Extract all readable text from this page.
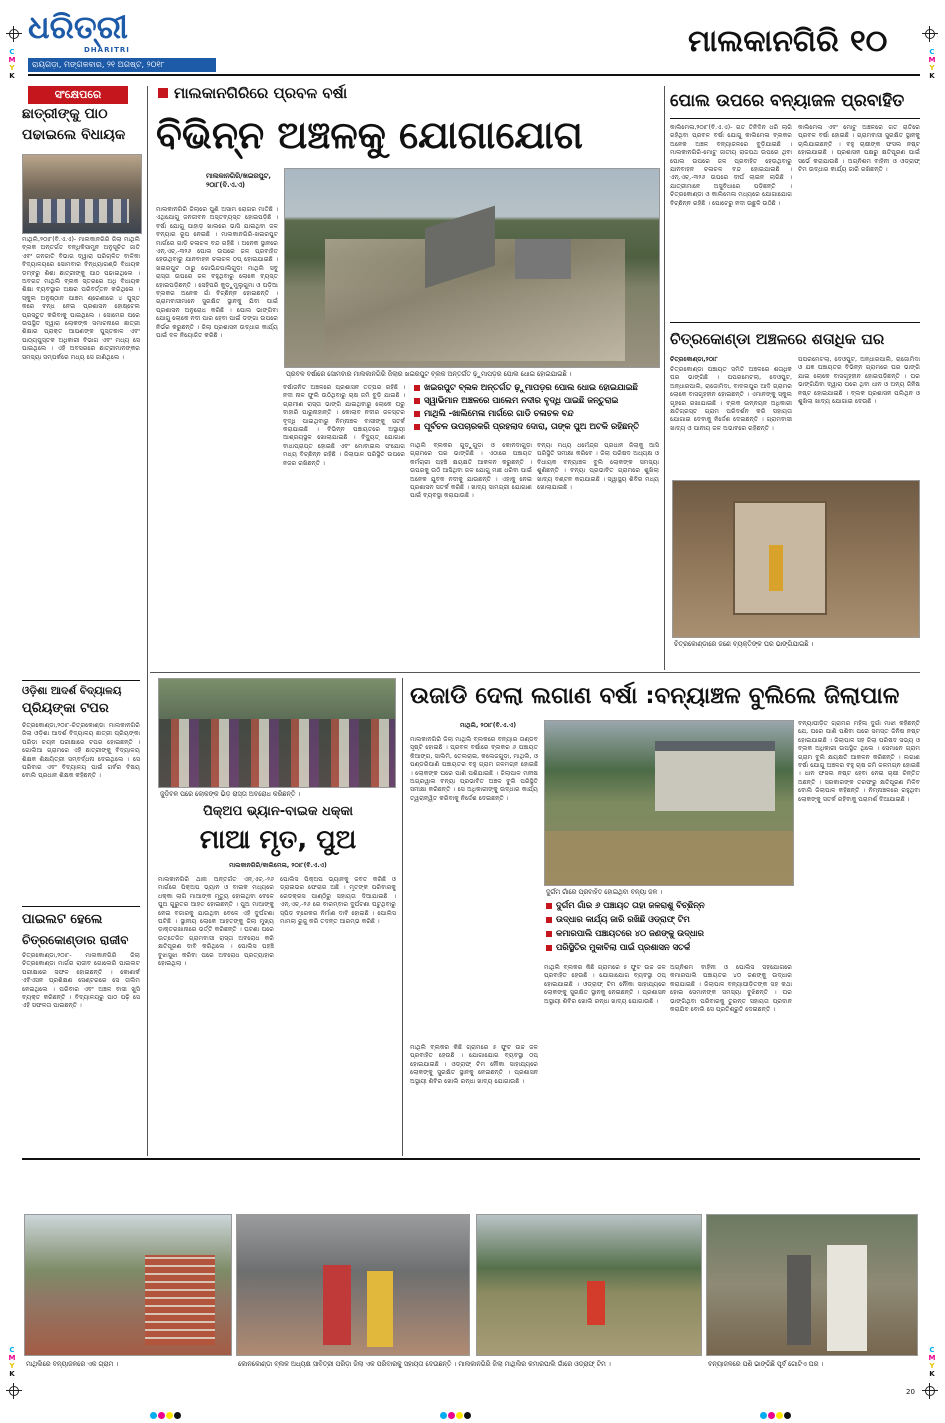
C
M
Y
K
C
M
Y
K
C
M
Y
K
C
M
Y
K
ଧରିତ୍ରୀ
DHARITRI
ରାୟଗଡ଼ା, ମଙ୍ଗଳବାର, ୨୧ ଅଗଷ୍ଟ, ୨୦୧୮
ମାଲକାନଗିରି ୧୦
ସଂକ୍ଷେପରେ
ଛାତ୍ରୀଙ୍କୁ ପାଠ ପଢାଇଲେ ବିଧାୟକ
ମାଥିଲି,୨୦ା୮(ବି.ଏ.ଏ)- ମାଲକାନଗିରି ଜିଲା ମାଥିଲି ବ୍ଲକ ଅନ୍ତର୍ଗତ ବନ୍ଧିକିସାମୁନ ଅନୁସୂଚିତ ଜାତି ଏବଂ ଜନଜାତି ବିଭାଗ ଦ୍ୱାରା ପରିଚାଳିତ ବାଳିକା ବିଦ୍ୟାଳୟରେ ସୋମବାର ବିନ୍ଧ୍ୟାଗଣ୍ଡି ବିଧାୟକ ଡମ୍ବରୁ ଶିଶା ଛାତ୍ରୀଙ୍କୁ ପାଠ ପଢାଇଥିଲେ । ଅବଗତ ମାଥିଲି ବ୍ଲକ ସ୍ତରରେ ଅଧି ବିଧାୟକ ଶିକ୍ଷା ବ୍ୟବସ୍ଥାର ଅକ୍ଷର ପରିବର୍ତ୍ତନ କରିଥିଲେ । ସ୍କୁଲ ଅନୁଷ୍ଠାନ ପାଞ୍ଚମ ଶ୍ରେଣୀରେ ୪ ପୁସ୍ତ କରେ ବନ୍ଧ ନେଇ ପ୍ରଶାସନ ହୋଷ୍ଟେଲ ପ୍ରସ୍ତୁତ କରିବାକୁ ପାଇଥିଲେ । ସୋମେର ପରେ ଉପସ୍ଥିତ ଦ୍ୱାରା ଲୋକଙ୍କ ସମାଚନାରେ ଛାତ୍ରୀ ଶିକ୍ଷାର ପ୍ରାକ୍ତ ଆପଣଙ୍କ ପୁସ୍ତକାଳ ଏବଂ ପାଠ୍ୟପୁସ୍ତକ ଅଧିକାରୀ ବିଭାଗ ଏବଂ ମଧ୍ୟ ସେ ପାଇଥିଲେ । ଏହି ଅବସରରେ ଛାତ୍ରୀମାନଙ୍କର ସମସ୍ୟା ସମ୍ପର୍କରେ ମଧ୍ୟ ସେ ଜାଣିଥିଲେ ।
ଓଡ଼ିଶା ଆଦର୍ଶ ବିଦ୍ୟାଳୟ
ପ୍ରିୟଙ୍କା ଟପର
ଚିତ୍ରକୋଣ୍ଡା,୨୦ା୮-ଚିତ୍ରକୋଣ୍ଡା ମାଲକାନଗିରି ଜିଲା ଓଡ଼ିଶା ଆଦର୍ଶ ବିଦ୍ୟାଳୟ ଛାତ୍ରୀ ପ୍ରିୟଙ୍କା ପରିଡ଼ା ଚୟନ ପରୀକ୍ଷାରେ ଟପର ହୋଇଛନ୍ତି । ଗୋଲିଆ ଗ୍ରାମରେ ଏହି ଛାତ୍ରୀଙ୍କୁ ବିଦ୍ୟାଳୟ ଶିକ୍ଷକ ଶିକ୍ଷୟିତ୍ରୀ ସମ୍ବର୍ଦ୍ଧନା ଦେଇଥିଲେ । ସେ ପରିବାର ଏବଂ ବିଦ୍ୟାଳୟ ପାଇଁ ଗର୍ବର ବିଷୟ ବୋଲି ପ୍ରଧାନ ଶିକ୍ଷକ କହିଛନ୍ତି ।
ପାଇଲଟ ହେଲେ
ଚିତ୍ରକୋଣ୍ଡାର ରାଜୀବ
ଚିତ୍ରକୋଣ୍ଡା,୨୦ା୮- ମାଲକାନଗିରି ଜିଲା ଚିତ୍ରକୋଣ୍ଡା ମାର୍ଗର ରାଜୀବ ଗୋଲେରି ପାଇଲଟ ପରୀକ୍ଷାରେ ସଫଳ ହୋଇଛନ୍ତି । କୋଣାର୍କ ଏବିଏସନ ପ୍ରଶିକ୍ଷଣ ସେଣ୍ଟରରେ ସେ ତାଲିମ ନେଇଥିଲେ । ପରିବାର ଏବଂ ଅଞ୍ଚଳ ବାସୀ ଖୁସି ବ୍ୟକ୍ତ କରିଛନ୍ତି । ବିଦ୍ୟାଳୟରୁ ପାଠ ପଢ଼ି ସେ ଏହି ସଫଳତା ପାଇଛନ୍ତି ।
ମାଲକାନଗିରିରେ ପ୍ରବଳ ବର୍ଷା
ବିଭିନ୍ନ ଅଞ୍ଚଳକୁ ଯୋଗାଯୋଗ
ମାଲକାନଗିରି/ଖଇରପୁଟ, ୨୦ା୮(ବି.ଏ.ଏ)
ପ୍ରବଳ ବର୍ଷାରେ ସୋମବାର ମାଲକାନଗିରି ଜିଲାର ଖଇରପୁଟ ବ୍ଲକ ଅନ୍ତର୍ଗତ ଢ଼ୁମାପଡ଼ର ପୋଲ ଧୋଇ ହୋଇଯାଇଛି ।
ମାଲକାନଗିରି ଜିଲାରେ ପୁଣି ଅସାମ ରୋଗର ମାତିଛି । ଏଥିଯୋଗୁ ଜନଜୀବନ ଅସ୍ତବ୍ୟସ୍ତ ହୋଇପଡ଼ିଛି । ବର୍ଷା ଯୋଗୁ ପାହାଡ଼ ଖାଲରେ ଭାସି ଯାଇଥିବା ଜଳ ବନ୍ୟାର ରୂପ ନେଇଛି । ମାଲକାନଗିରି-ଖଇରପୁଟ ମାର୍ଗରେ ଗାଡ଼ି ଚଳାଚଳ ବନ୍ଦ ରହିଛି । ଅନେକ ସ୍ଥାନରେ ଏନ୍.ଏଚ୍.-୩୨୬ ପୋଲ ଉପରେ ଜଳ ପ୍ରବାହିତ ହେଉଥିବାରୁ ଯାନବାହନ ଚଳାଚଳ ଠପ୍ ହୋଇଯାଇଛି । ଖଇରପୁଟ ଠାରୁ ଗୋଭିନ୍ଦପାଲିଗୁଡ଼ା ମାଥିଲି ସବୁ ରାସ୍ତା ଉପରେ ଜଳ ବହୁଥିବାରୁ ଲୋକେ ବ୍ୟସ୍ତ ହୋଇପଡ଼ିଛନ୍ତି । ସେହିପରି କୁଡ଼ୁମୁଲୁଗୁମା ଓ ପଡ଼ିଆ ବ୍ଲକର ଅନେକ ଗାଁ ବିଚ୍ଛିନ୍ନ ହୋଇଛନ୍ତି । ଗ୍ରାମବାସୀମାନେ ସୁରକ୍ଷିତ ସ୍ଥାନକୁ ଯିବା ପାଇଁ ପ୍ରଶାସନ ଅନୁରୋଧ କରିଛି । ପୋଲ ଭାଙ୍ଗିବା ଯୋଗୁ ଲୋକେ ନଦୀ ପାର ହେବା ପାଇଁ ଡଙ୍ଗା ଉପରେ ନିର୍ଭର କରୁଛନ୍ତି । ଜିଲା ପ୍ରଶାସନ ଉଦ୍ଧାର କାର୍ଯ୍ୟ ପାଇଁ ଦଳ ନିୟୋଜିତ କରିଛି ।
ବର୍ଷାଜନିତ ଅଞ୍ଚଳରେ ପ୍ରଶାସନ ତତ୍ପର ରହିଛି । ନଦୀ ନାଳ ଫୁଲି ଉଠିଥିବାରୁ ଚାଷ ଜମି ବୁଡ଼ି ଯାଇଛି । ଗ୍ରାମୀଣ ରାସ୍ତା ଭାଙ୍ଗି ଯାଇଥିବାରୁ ଲୋକେ ଘରୁ ବାହାରି ପାରୁନାହାନ୍ତି । କୋଲାବ ନଦୀର ଜଳସ୍ତର ବୃଦ୍ଧି ପାଇଥିବାରୁ ନିମ୍ନାଞ୍ଚଳ ବାସୀଙ୍କୁ ସତର୍କ କରାଯାଇଛି । ବିଭିନ୍ନ ପଞ୍ଚାୟତରେ ଅସ୍ଥାୟୀ ଆଶ୍ରୟସ୍ଥଳ ଖୋଲାଯାଇଛି । ବିଦ୍ୟୁତ୍ ଯୋଗାଣ ବାଧାପ୍ରାପ୍ତ ହୋଇଛି ଏବଂ ମୋବାଇଲ ସଂଯୋଗ ମଧ୍ୟ ବିଚ୍ଛିନ୍ନ ରହିଛି । ଜିଲାପାଳ ପରିସ୍ଥିତି ଉପରେ ନଜର ରଖିଛନ୍ତି ।
ଖଇରପୁଟ ବ୍ଲକ ଅନ୍ତର୍ଗତ ଢ଼ୁମାପଡ଼ର ପୋଲ ଧୋଇ ହୋଇଯାଇଛି
ସ୍ୱାଭିମାନ ଅଞ୍ଚଳରେ ପାଲେମ ନଦୀର ବୃଦ୍ଧି ପାଇଛି ଜନ୍ତୁରାଇ
ମାଥିଲି -ଖାଲିମେଳା ମାର୍ଗରେ ଗାଡି ଚଳାଚଳ ବନ୍ଦ
ପୂର୍ବଚଳ ଉପଚାରକରି ପ୍ରହଲାଦ ଦୋରା, ତାଙ୍କ ପୁଅ ଅଟକି ରହିଛନ୍ତି
ମାଥିଲି ବ୍ଲକର ଗୁଡ଼ୁଗୁଡ଼ା ଓ କୋନଦାଗୁଡ଼ା ଗ୍ରାମରେ ଘର ଭାଙ୍ଗିଛି । ଏଠାରେ ପଞ୍ଚାୟତ କର୍ମଚାରୀ ପହଞ୍ଚି କ୍ଷୟକ୍ଷତି ଆକଳନ କରୁଛନ୍ତି । ଉପରକୁ ଉଠି ଆସିଥିବା ଜଳ ଯୋଗୁ ମାଛ ଧରିବା ପାଇଁ ଅନେକ ଯୁବକ ନଦୀକୁ ଯାଉଛନ୍ତି । ଏହାକୁ ନେଇ ପ୍ରଶାସନ ସତର୍କ କରିଛି । ଖାଦ୍ୟ ସାମଗ୍ରୀ ଯୋଗାଣ ପାଇଁ ବ୍ୟବସ୍ଥା କରାଯାଉଛି ।
ବନ୍ୟା ମଧ୍ୟ ଧର୍ମେନ୍ଦ୍ର ପ୍ରଧାନ ଜିଲାକୁ ଆସି ପରିସ୍ଥିତି ସମୀକ୍ଷା କରିବେ । ଜିଲା ପରିଷଦ ଅଧ୍ୟକ୍ଷ ଓ ବିଧାୟକ ବନ୍ୟାଞ୍ଚଳ ବୁଲି ଲୋକଙ୍କ ସମସ୍ୟା ଶୁଣିଛନ୍ତି । ବନ୍ୟା ପ୍ରଭାବିତ ଗ୍ରାମରେ ଶୁଖିଲା ଖାଦ୍ୟ ବଣ୍ଟନ କରାଯାଇଛି । ସ୍ୱାସ୍ଥ୍ୟ ଶିବିର ମଧ୍ୟ ଖୋଲାଯାଇଛି ।
ପୋଲ ଉପରେ ବନ୍ୟାଜଳ ପ୍ରବାହିତ
କାଲିମେଳା,୨୦ା୮(ବି.ଏ.ଏ)- ଗତ ତିନିଦିନ ଧରି ଲାଗି ରହିଥିବା ପ୍ରବଳ ବର୍ଷା ଯୋଗୁ କାଲିମେଳା ବ୍ଲକର ଅନେକ ଅଞ୍ଚଳ ବନ୍ୟାଜଳରେ ବୁଡ଼ିଯାଇଛି । ମାଲକାନଗିରି-ମୋଟୁ ଜାତୀୟ ରାଜପଥ ଉପରେ ଥିବା ପୋଲ ଉପରେ ଜଳ ପ୍ରବାହିତ ହେଉଥିବାରୁ ଯାନବାହନ ଚଳାଚଳ ବନ୍ଦ ହୋଇଯାଇଛି । ଏନ୍.ଏଚ୍.-୩୨୬ ଉପରେ ଦୀର୍ଘ ଲାଇନ ଲାଗିଛି । ଯାତ୍ରୀମାନେ ଅସୁବିଧାରେ ପଡ଼ିଛନ୍ତି । ଚିତ୍ରକୋଣ୍ଡା ଓ କାଲିମେଳା ମଧ୍ୟରେ ଯୋଗାଯୋଗ ବିଚ୍ଛିନ୍ନ ରହିଛି । ପୋଟେରୁ ନଦୀ ଉଛୁଳି ଉଠିଛି ।
କାଲିମେଳା ଏବଂ ମୋଟୁ ଅଞ୍ଚଳରେ ଗତ ରାତିରେ ପ୍ରବଳ ବର୍ଷା ହୋଇଛି । ଗ୍ରାମବାସୀ ସୁରକ୍ଷିତ ସ୍ଥାନକୁ ଚାଲିଯାଇଛନ୍ତି । ବହୁ ଚାଷୀଙ୍କ ଫସଲ ନଷ୍ଟ ହୋଇଯାଇଛି । ପ୍ରଶାସନ ପକ୍ଷରୁ କ୍ଷତିପୂରଣ ପାଇଁ ସର୍ଭେ କରାଯାଉଛି । ଅଗ୍ନିଶମ ବାହିନୀ ଓ ଓଡ୍ରାଫ୍ ଟିମ ଉଦ୍ଧାର କାର୍ଯ୍ୟ ଜାରି ରଖିଛନ୍ତି ।
ଚିତ୍ରକୋଣ୍ଡା ଅଞ୍ଚଳରେ ଶତାଧିକ ଘର
ଚିତ୍ରକୋଣ୍ଡା,୨୦ା୮
ଚିତ୍ରକୋଣ୍ଡା ପଞ୍ଚାୟତ ସମିତି ଅଞ୍ଚଳରେ ଶତାଧିକ ଘର ଭାଙ୍ଗିଛି । ପପରମେଟଲା, ଦେଓପୁଟ, ଅନ୍ଧାରପାଲି, ରାଜୋମିଦା, ବାଦଲପୁର ଆଦି ଗ୍ରାମର ଲୋକେ ବାସଗୃହହୀନ ହୋଇଛନ୍ତି । ଏମାନଙ୍କୁ ସ୍କୁଲ ଗୃହରେ ରଖାଯାଇଛି । ବ୍ଲକ ଉନ୍ନୟନ ଅଧିକାରୀ କ୍ଷତିଗ୍ରସ୍ତ ଗ୍ରାମ ପରିଦର୍ଶନ କରି ସହାୟତା ଯୋଗାଇ ଦେବାକୁ ନିର୍ଦ୍ଦେଶ ଦେଇଛନ୍ତି । ଗ୍ରାମବାସୀ ଖାଦ୍ୟ ଓ ପାନୀୟ ଜଳ ଅଭାବରେ ରହିଛନ୍ତି ।
ପପରମେଟଲା, ଦେଓପୁଟ, ଅନ୍ଧାରପାଲି, ରାଜୋମିଦା ଓ ଯଜ୍ଞ ପଞ୍ଚାୟତର ବିଭିନ୍ନ ଗ୍ରାମରେ ଘର ଭାଙ୍ଗି ଯାଇ ଲୋକେ ବାସଗୃହହୀନ ହୋଇପଡ଼ିଛନ୍ତି । ଘର ଭାଙ୍ଗିଯିବା ଦ୍ୱାରା ଘରେ ଥିବା ଧାନ ଓ ଅନ୍ୟ ଜିନିଷ ନଷ୍ଟ ହୋଇଯାଇଛି । ବ୍ଲକ ପ୍ରଶାସନ ପଲିଥିନ ଓ ଶୁଖିଲା ଖାଦ୍ୟ ଯୋଗାଇ ଦେଉଛି ।
ଚିତ୍ରକୋଣ୍ଡାରେ ଜଣେ ବ୍ୟକ୍ତିଙ୍କ ଘର ଭାଙ୍ଗିଯାଇଛି ।
ଜୁଡ଼ିବଳ ପରେ ଲୋକଙ୍କ ଭିଡ଼ ରାସ୍ତା ଅବରୋଧ କରିଛନ୍ତି ।
ପିକ୍ଅପ ଭ୍ୟାନ-ବାଇକ ଧକ୍କା
ମାଆ ମୃତ, ପୁଅ
ମାଲକାନଗିରି/କାଲିମେଳା, ୨୦ା୮(ବି.ଏ.ଏ)
ମାଲକାନଗିରି ଥାନା ଅନ୍ତର୍ଗତ ଏନ୍.ଏଚ୍.-୨୬ ମାର୍ଗରେ ପିକ୍ଅପ ଭ୍ୟାନ ଓ ବାଇକ ମଧ୍ୟରେ ଧକ୍କା ଲାଗି ମାଆଙ୍କ ମୃତ୍ୟୁ ହୋଇଥିବା ବେଳେ ପୁଅ ଗୁରୁତର ଆହତ ହୋଇଛନ୍ତି । ପୁଅ ମାଆଙ୍କୁ ନେଇ ବଜାରକୁ ଯାଉଥିବା ବେଳେ ଏହି ଦୁର୍ଘଟଣା ଘଟିଛି । ସ୍ଥାନୀୟ ଲୋକେ ଆହତଙ୍କୁ ଜିଲା ମୁଖ୍ୟ ଡାକ୍ତରଖାନାରେ ଭର୍ତ୍ତି କରିଛନ୍ତି । ଘଟଣା ପରେ ଉତ୍ତେଜିତ ଗ୍ରାମବାସୀ ରାସ୍ତା ଅବରୋଧ କରି କ୍ଷତିପୂରଣ ଦାବି କରିଥିଲେ । ପୋଲିସ ପହଞ୍ଚି ବୁଝାସୁଝା କରିବା ପରେ ଅବରୋଧ ପ୍ରତ୍ୟାହାର ହୋଇଥିଲା ।
ପୋଲିସ ପିକ୍ଅପ ଭ୍ୟାନକୁ ଜବତ କରିଛି ଓ ଡ୍ରାଇଭର ଫେରାର ଅଛି । ମୃତଙ୍କ ପରିବାରକୁ ରେଡକ୍ରସ ପାଣ୍ଠିରୁ ସହାୟତା ଦିଆଯାଇଛି । ଏନ୍.ଏଚ୍.-୨୬ ରେ ବାରମ୍ବାର ଦୁର୍ଘଟଣା ଘଟୁଥିବାରୁ ସ୍ପିଡ ବ୍ରେକର ନିର୍ମାଣ ଦାବି ହୋଇଛି । ପୋଲିସ ମାମଲା ରୁଜୁ କରି ତଦନ୍ତ ଆରମ୍ଭ କରିଛି ।
ଉଜାଡି ଦେଲା ଲଗାଣ ବର୍ଷା :ବନ୍ୟାଞ୍ଚଳ ବୁଲିଲେ ଜିଲାପାଳ
ମାଥିଲି, ୨୦ା୮(ବି.ଏ.ଏ)
ମାଲକାନଗିରି ଜିଲା ମାଥିଲି ବ୍ଲକରେ ବନ୍ୟାର ତାଣ୍ଡବ ସୃଷ୍ଟି ହୋଇଛି । ପ୍ରବଳ ବର୍ଷାରେ ବ୍ଲକର ୬ ପଞ୍ଚାୟତ କିଆଙ୍ଗ, ସାଲିମି, ତେଲରାଇ, କଲେଜଗୁଡ଼ା, ମାଥିଲି, ଓ ପଣ୍ଡରିପାଣି ପଞ୍ଚାୟତର ବହୁ ଗ୍ରାମ ଜଳମଗ୍ନ ହୋଇଛି । ଲୋକଙ୍କ ଘରେ ପାଣି ପଶିଯାଇଛି । ଜିଲାପାଳ ମନୀଷ ଅଗ୍ରୱାଲ ବନ୍ୟା ପ୍ରଭାବିତ ଅଞ୍ଚଳ ବୁଲି ପରିସ୍ଥିତି ସମୀକ୍ଷା କରିଛନ୍ତି । ସେ ଅଧିକାରୀଙ୍କୁ ଉଦ୍ଧାର କାର୍ଯ୍ୟ ତ୍ୱରାନ୍ୱିତ କରିବାକୁ ନିର୍ଦ୍ଦେଶ ଦେଇଛନ୍ତି ।
ଦୁର୍ଗମ ଗାଁରେ ପ୍ରବାହିତ ହୋଇଥିବା ବନ୍ୟା ଜଳ ।
ଦୁର୍ଗମ ଗାଁର ୬ ପଞ୍ଚାୟତ ତାହା ଜଳରାଶୁ ବିଚ୍ଛିନ୍ନ
ଉଦ୍ଧାର କାର୍ଯ୍ୟ ଜାରି ରଖିଛି ଓଡ୍ରାଫ୍ ଟିମ
କମାରପାଲି ପଞ୍ଚାୟତରେ ୪୦ ଜଣଙ୍କୁ ଉଦ୍ଧାର
ପରିସ୍ଥିତିର ମୁକାବିଲା ପାଇଁ ପ୍ରଶାସନ ସତର୍କ
ମାଥିଲି ବ୍ଲକର କିଛି ଗ୍ରାମରେ ୫ ଫୁଟ ଉଚ୍ଚ ଜଳ ପ୍ରବାହିତ ହେଉଛି । ଯୋଗାଯୋଗ ବ୍ୟବସ୍ଥା ଠପ୍ ହୋଇଯାଇଛି । ଓଡ୍ରାଫ୍ ଟିମ ନୌକା ସାହାଯ୍ୟରେ ଲୋକଙ୍କୁ ସୁରକ୍ଷିତ ସ୍ଥାନକୁ ନେଇଛନ୍ତି । ପ୍ରଶାସନ ଅସ୍ଥାୟୀ ଶିବିର ଖୋଲି ରନ୍ଧା ଖାଦ୍ୟ ଯୋଗାଉଛି ।
ମାଥିଲି ବ୍ଲକର କିଛି ଗ୍ରାମରେ ୫ ଫୁଟ ଉଚ୍ଚ ଜଳ ପ୍ରବାହିତ ହେଉଛି । ଯୋଗାଯୋଗ ବ୍ୟବସ୍ଥା ଠପ୍ ହୋଇଯାଇଛି । ଓଡ୍ରାଫ୍ ଟିମ ନୌକା ସାହାଯ୍ୟରେ ଲୋକଙ୍କୁ ସୁରକ୍ଷିତ ସ୍ଥାନକୁ ନେଇଛନ୍ତି । ପ୍ରଶାସନ ଅସ୍ଥାୟୀ ଶିବିର ଖୋଲି ରନ୍ଧା ଖାଦ୍ୟ ଯୋଗାଉଛି ।
ଅଗ୍ନିଶମ ବାହିନୀ ଓ ପୋଲିସ ସହଯୋଗରେ କମାରପାଲି ପଞ୍ଚାୟତର ୪୦ ଜଣଙ୍କୁ ଉଦ୍ଧାର କରାଯାଇଛି । ଜିଲାପାଳ ବନ୍ୟାପୀଡ଼ିତଙ୍କ ସହ କଥା ହୋଇ ସେମାନଙ୍କ ସମସ୍ୟା ବୁଝିଛନ୍ତି । ଘର ଭାଙ୍ଗିଥିବା ପରିବାରକୁ ତୁରନ୍ତ ସହାୟତା ପ୍ରଦାନ କରାଯିବ ବୋଲି ସେ ପ୍ରତିଶ୍ରୁତି ଦେଇଛନ୍ତି ।
ବନ୍ୟାପୀଡ଼ିତ ଗ୍ରାମର ମହିଳା ଦୁର୍ଗା ମାଝୀ କହିଛନ୍ତି ଯେ, ଘରେ ପାଣି ପଶିବା ପରେ ସମସ୍ତ ଜିନିଷ ନଷ୍ଟ ହୋଇଯାଇଛି । ଜିଲାପାଳ ସହ ଜିଲା ପରିଷଦ ସଭ୍ୟ ଓ ବ୍ଲକ ଅଧିକାରୀ ଉପସ୍ଥିତ ଥିଲେ । ସେମାନେ ଗ୍ରାମ ଗ୍ରାମ ବୁଲି କ୍ଷୟକ୍ଷତି ଆକଳନ କରିଛନ୍ତି । ଲଗାଣ ବର୍ଷା ଯୋଗୁ ଅଞ୍ଚଳର ବହୁ ଚାଷ ଜମି ଜଳମଗ୍ନ ହୋଇଛି । ଧାନ ଫସଲ ନଷ୍ଟ ହେବା ନେଇ ଚାଷୀ ଚିନ୍ତିତ ଅଛନ୍ତି । ସରକାରଙ୍କ ତରଫରୁ କ୍ଷତିପୂରଣ ମିଳିବ ବୋଲି ଜିଲାପାଳ କହିଛନ୍ତି । ନିମ୍ନାଞ୍ଚଳରେ ରହୁଥିବା ଲୋକଙ୍କୁ ସତର୍କ ରହିବାକୁ ପରାମର୍ଶ ଦିଆଯାଇଛି ।
ମାଥିଲିରେ ବନ୍ୟାଜଳରେ ଏକ ଗ୍ରାମ ।	କୋନକୋଣ୍ଡା ବ୍ଲକ ଅଧ୍ୟକ୍ଷ ସାବିତ୍ରୀ ପରିଡ଼ା ଜିଲା ଏକ ପରିବାରକୁ ସହାୟତା ଦେଉଛନ୍ତି । ମାଲକାନଗିରି ଜିଲା ମାଥିଲିର କମାରପାଲି ଗାଁରେ ଓଡ୍ରାଫ୍ ଟିମ ।	ବନ୍ୟାଜଳରେ ପଶି ଭାଙ୍ଗିଛି ପୂର୍ବ ଗୋଟିଏ ଘର ।
20
